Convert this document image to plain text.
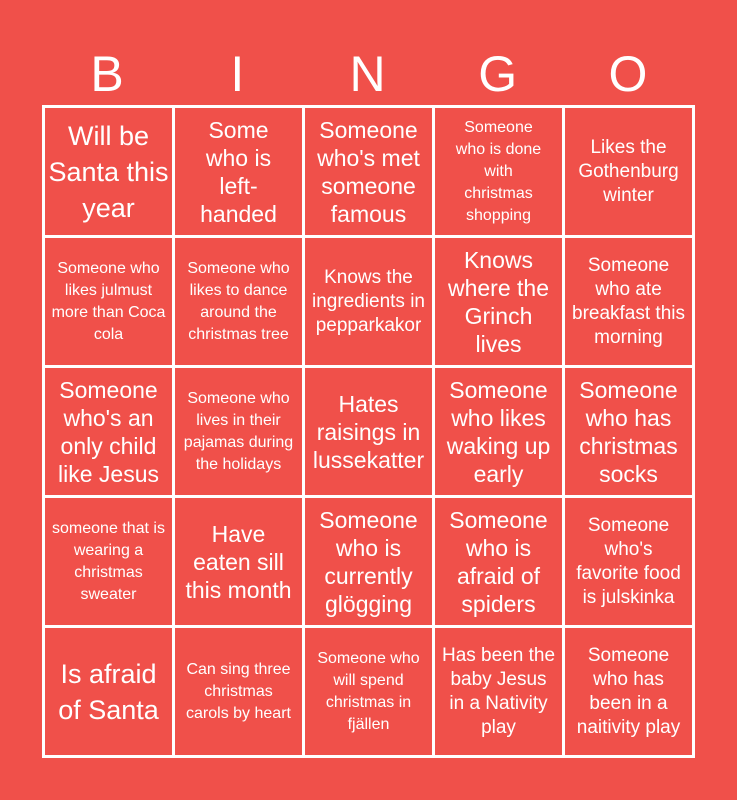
B	I	N	G	O
Will be Santa this year
Some who is left-handed
Someone who's met someone famous
Someone who is done with christmas shopping
Likes the Gothenburg winter
Someone who likes julmust more than Coca cola
Someone who likes to dance around the christmas tree
Knows the ingredients in pepparkakor
Knows where the Grinch lives
Someone who ate breakfast this morning
Someone who's an only child like Jesus
Someone who lives in their pajamas during the holidays
Hates raisings in lussekatter
Someone who likes waking up early
Someone who has christmas socks
someone that is wearing a christmas sweater
Have eaten sill this month
Someone who is currently glögging
Someone who is afraid of spiders
Someone who's favorite food is julskinka
Is afraid of Santa
Can sing three christmas carols by heart
Someone who will spend christmas in fjällen
Has been the baby Jesus in a Nativity play
Someone who has been in a naitivity play
